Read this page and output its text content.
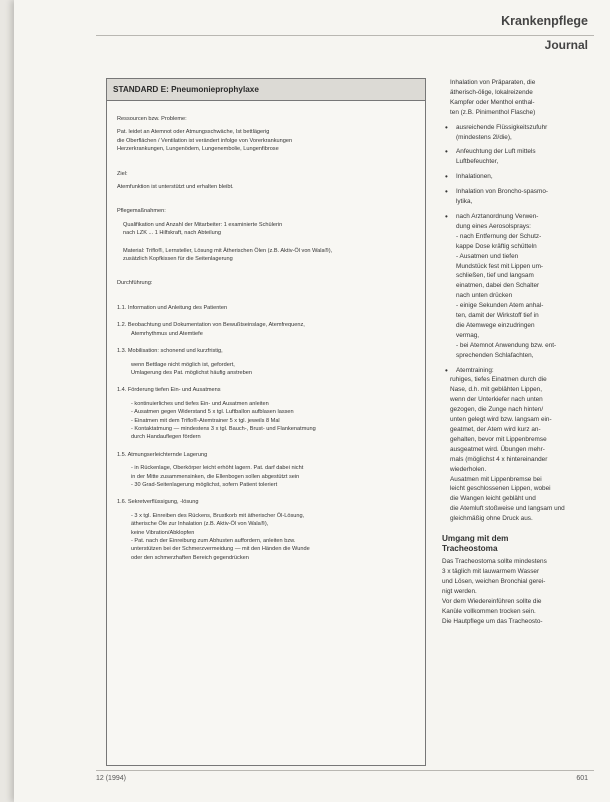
Krankenpflege
Journal
STANDARD E: Pneumonieprophylaxe

Ressourcen bzw. Probleme:

Pat. leidet an Atemnot oder Atmungsschwäche, Ist bettlägerig

die Oberflächen / Ventilation ist verändert infolge von Vorerkrankungen

Herzerkrankungen, Lungenödem, Lungenembolie, Lungenfibrose

Ziel:

Atemfunktion ist unterstützt und erhalten bleibt.

Pflegemaßnahmen:

Qualifikation und Anzahl der Mitarbeiter: 1 examinierte Schülerin

nach LZK ... 1 Hilfskraft, nach Abteilung

Material: Triflo®, Lernsteller, Lösung mit Ätherischen Ölen (z.B. Aktiv-Öl von Wala®),

zusätzlich Kopfkissen für die Seitenlagerung

Durchführung:

1.1. Information und Anleitung des Patienten

1.2. Beobachtung und Dokumentation von Bewußtseinslage, Atemfrequenz,

Atemrhythmus und Atemtiefe

1.3. Mobilisation: schonend und kurzfristig,

wenn Bettlage nicht möglich ist, gefordert,

Umlagerung des Pat. möglichst häufig anstreben

1.4. Förderung tiefen Ein- und Ausatmens

- kontinuierliches und tiefes Ein- und Ausatmen anleiten

- Ausatmen gegen Widerstand 5 x tgl. Luftballon aufblasen lassen

- Einatmen mit dem Triflo®-Atemtrainer 5 x tgl. jeweils 8 Mal

- Kontaktatmung — mindestens 3 x tgl. Bauch-, Brust- und Flankenatmung

durch Handauflegen fördern

1.5. Atmungserleichternde Lagerung

- in Rückenlage, Oberkörper leicht erhöht lagern. Pat. darf dabei nicht

in der Mitte zusammensinken, die Ellenbogen sollen abgestützt sein

- 30 Grad-Seitenlagerung möglichst, sofern Patient toleriert

1.6. Sekretverflüssigung, -lösung

- 3 x tgl. Einreiben des Rückens, Brustkorb mit ätherischer Öl-Lösung,

ätherische Öle zur Inhalation (z.B. Aktiv-Öl von Wala®),

keine Vibration/Abklopfen

- Pat. nach der Einreibung zum Abhusten auffordern, anleiten bzw.

unterstützen bei der Schmerzvermeidung — mit den Händen die Wunde

oder den schmerzhaften Bereich gegendrücken

Inhalation von Präparaten, die

ätherisch-ölige, lokalreizende

Kampfer oder Menthol enthal-

ten (z.B. Pinimenthol Flasche)

• ausreichende Flüssigkeitszufuhr

(mindestens 2l/die),

• Anfeuchtung der Luft mittels

Luftbefeuchter,

• Inhalationen,

• Inhalation von Broncho-spasmo-

lytika,

• nach Arztanordnung Verwen-

dung eines Aerosolsprays:

- nach Entfernung der Schutz-

kappe Dose kräftig schütteln

- Ausatmen und tiefen

Mundstück fest mit Lippen um-

schließen, tief und langsam

einatmen, dabei den Schalter

nach unten drücken

- einige Sekunden Atem anhal-

ten, damit der Wirkstoff tief in

die Atemwege einzudringen

vermag,

- bei Atemnot Anwendung bzw. ent-

sprechenden Schlafachten,

• Atemtraining:

ruhiges, tiefes Einatmen durch die

Nase, d.h. mit geblähten Lippen,

wenn der Unterkiefer nach unten

gezogen, die Zunge nach hinten/

unten gelegt wird bzw. langsam ein-

geatmet, der Atem wird kurz an-

gehalten, bevor mit Lippenbremse

ausgeatmet wird. Übungen mehr-

mals (möglichst 4 x hintereinander

wiederholen.

Ausatmen mit Lippenbremse bei

leicht geschlossenen Lippen, wobei

die Wangen leicht gebläht und

die Atemluft stoßweise und langsam und

gleichmäßig ohne Druck aus.

Umgang mit dem
Tracheostoma

Das Tracheostoma sollte mindestens

3 x täglich mit lauwarmem Wasser

und Lösen, weichen Bronchial gerei-

nigt werden.

Vor dem Wiedereinführen sollte die

Kanüle vollkommen trocken sein.

Die Hautpflege um das Tracheosto-

12 (1994)	601
